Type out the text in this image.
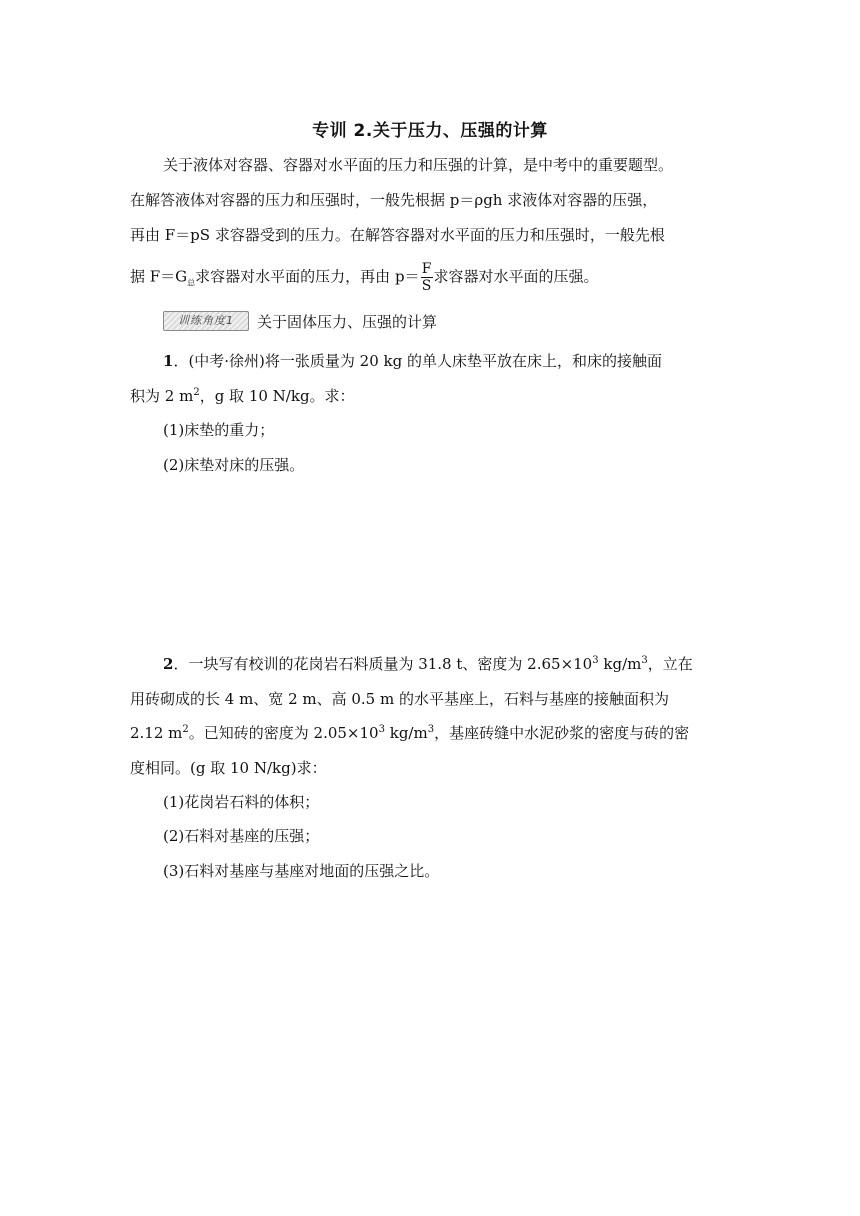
专训 2.关于压力、压强的计算
关于液体对容器、容器对水平面的压力和压强的计算，是中考中的重要题型。
在解答液体对容器的压力和压强时，一般先根据 p＝ρgh 求液体对容器的压强，
再由 F＝pS 求容器受到的压力。在解答容器对水平面的压力和压强时，一般先根
据 $F=G_总$求容器对水平面的压力，再由 $p= \frac{F}{S}$ 求容器对水平面的压强。
训练角度1	关于固体压力、压强的计算
1．(中考·徐州)将一张质量为 20 kg 的单人床垫平放在床上，和床的接触面
积为 2 $m^2$，g 取 10 N/kg。求：
(1)床垫的重力；
(2)床垫对床的压强。
2．一块写有校训的花岗岩石料质量为 31.8 t、密度为 $2.65\times 10^3$ $kg/m^3$，立在
用砖砌成的长 4 m、宽 2 m、高 0.5 m 的水平基座上，石料与基座的接触面积为
2.12 $m^2$。已知砖的密度为 $2.05\times 10^3$ $kg/m^3$，基座砖缝中水泥砂浆的密度与砖的密
度相同。(g 取 10 N/kg)求：
(1)花岗岩石料的体积；
(2)石料对基座的压强；
(3)石料对基座与基座对地面的压强之比。
